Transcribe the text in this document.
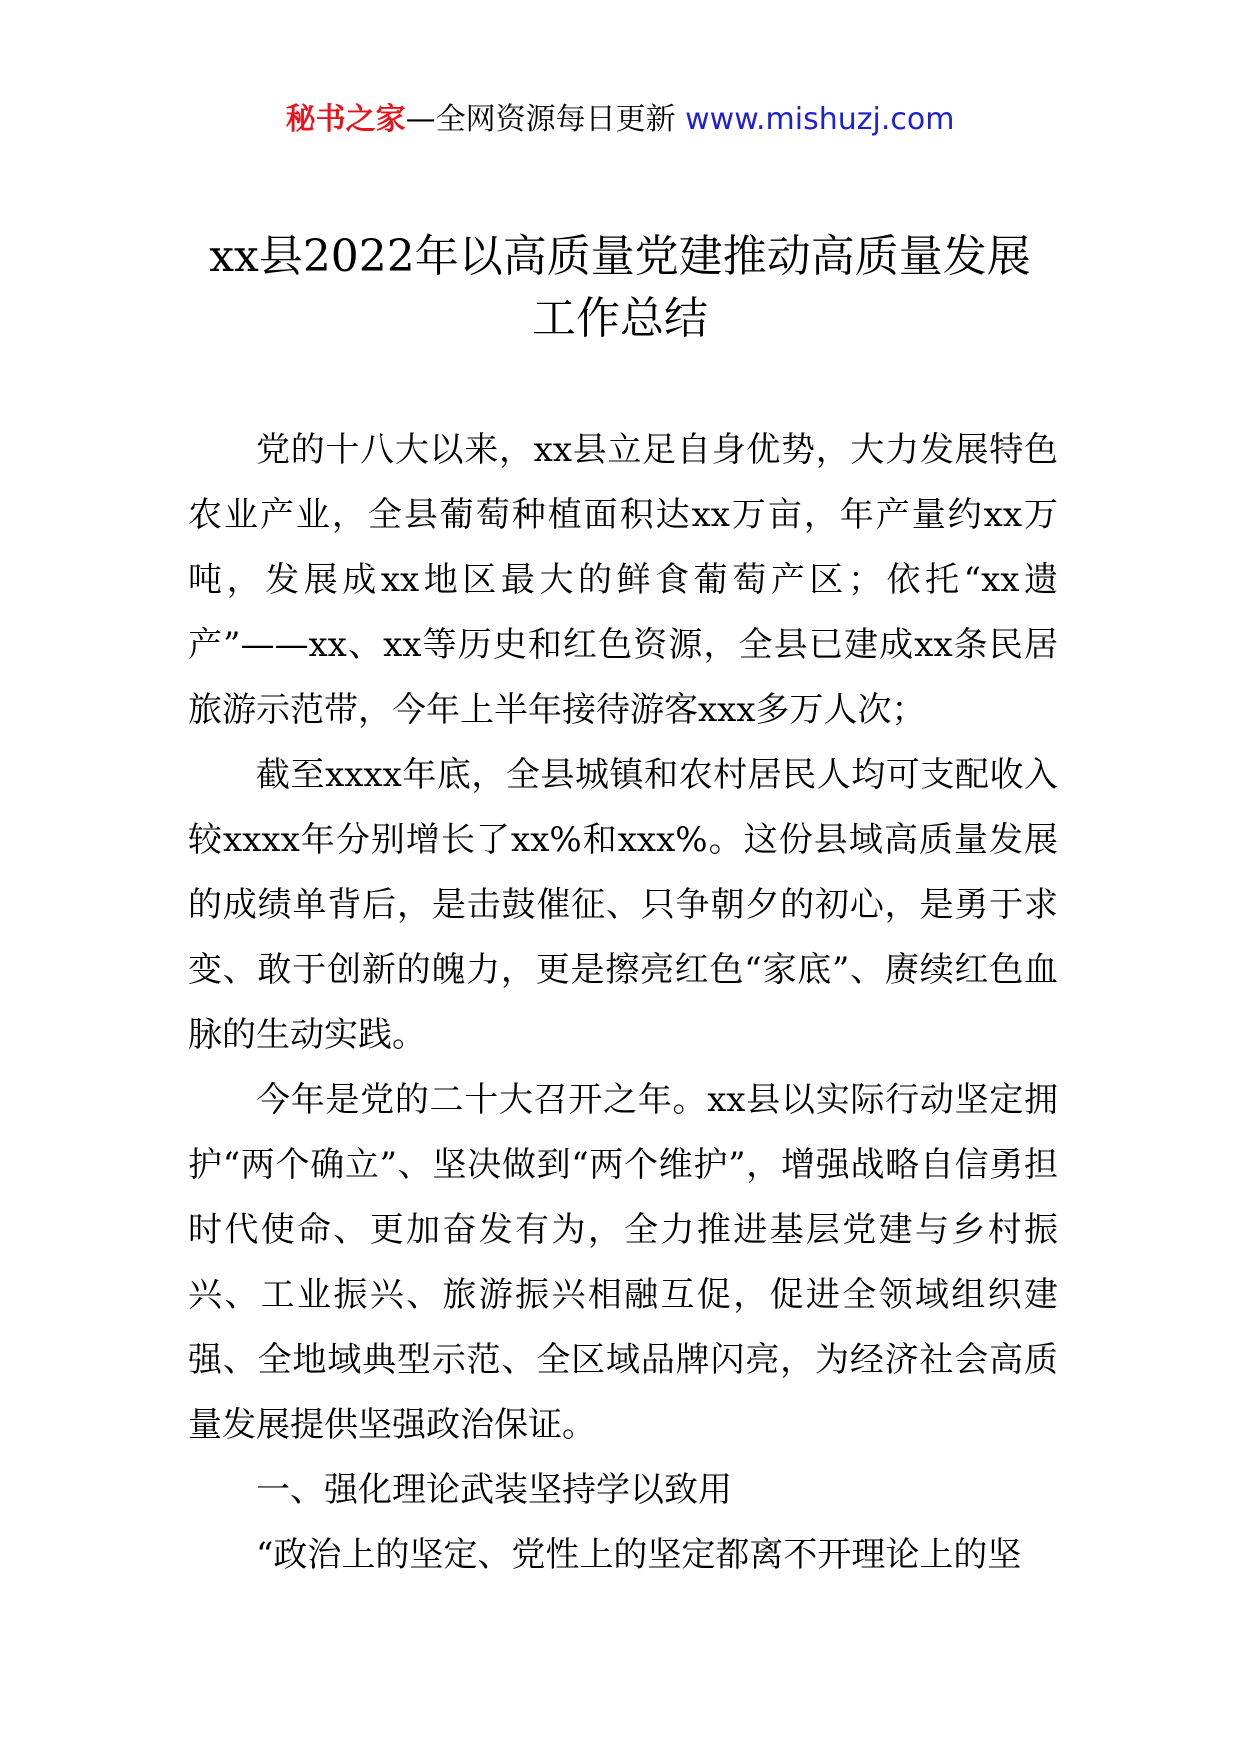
秘书之家—全网资源每日更新 www.mishuzj.com
xx县2022年以高质量党建推动高质量发展
工作总结

党的十八大以来，xx县立足自身优势，大力发展特色农业产业，全县葡萄种植面积达xx万亩，年产量约xx万吨，发展成xx地区最大的鲜食葡萄产区；依托“xx遗产”——xx、xx等历史和红色资源，全县已建成xx条民居旅游示范带，今年上半年接待游客xxx多万人次；

截至xxxx年底，全县城镇和农村居民人均可支配收入较xxxx年分别增长了xx%和xxx%。这份县域高质量发展的成绩单背后，是击鼓催征、只争朝夕的初心，是勇于求变、敢于创新的魄力，更是擦亮红色“家底”、赓续红色血脉的生动实践。

今年是党的二十大召开之年。xx县以实际行动坚定拥护“两个确立”、坚决做到“两个维护”，增强战略自信勇担时代使命、更加奋发有为，全力推进基层党建与乡村振兴、工业振兴、旅游振兴相融互促，促进全领域组织建强、全地域典型示范、全区域品牌闪亮，为经济社会高质量发展提供坚强政治保证。

一、强化理论武装坚持学以致用

“政治上的坚定、党性上的坚定都离不开理论上的坚
